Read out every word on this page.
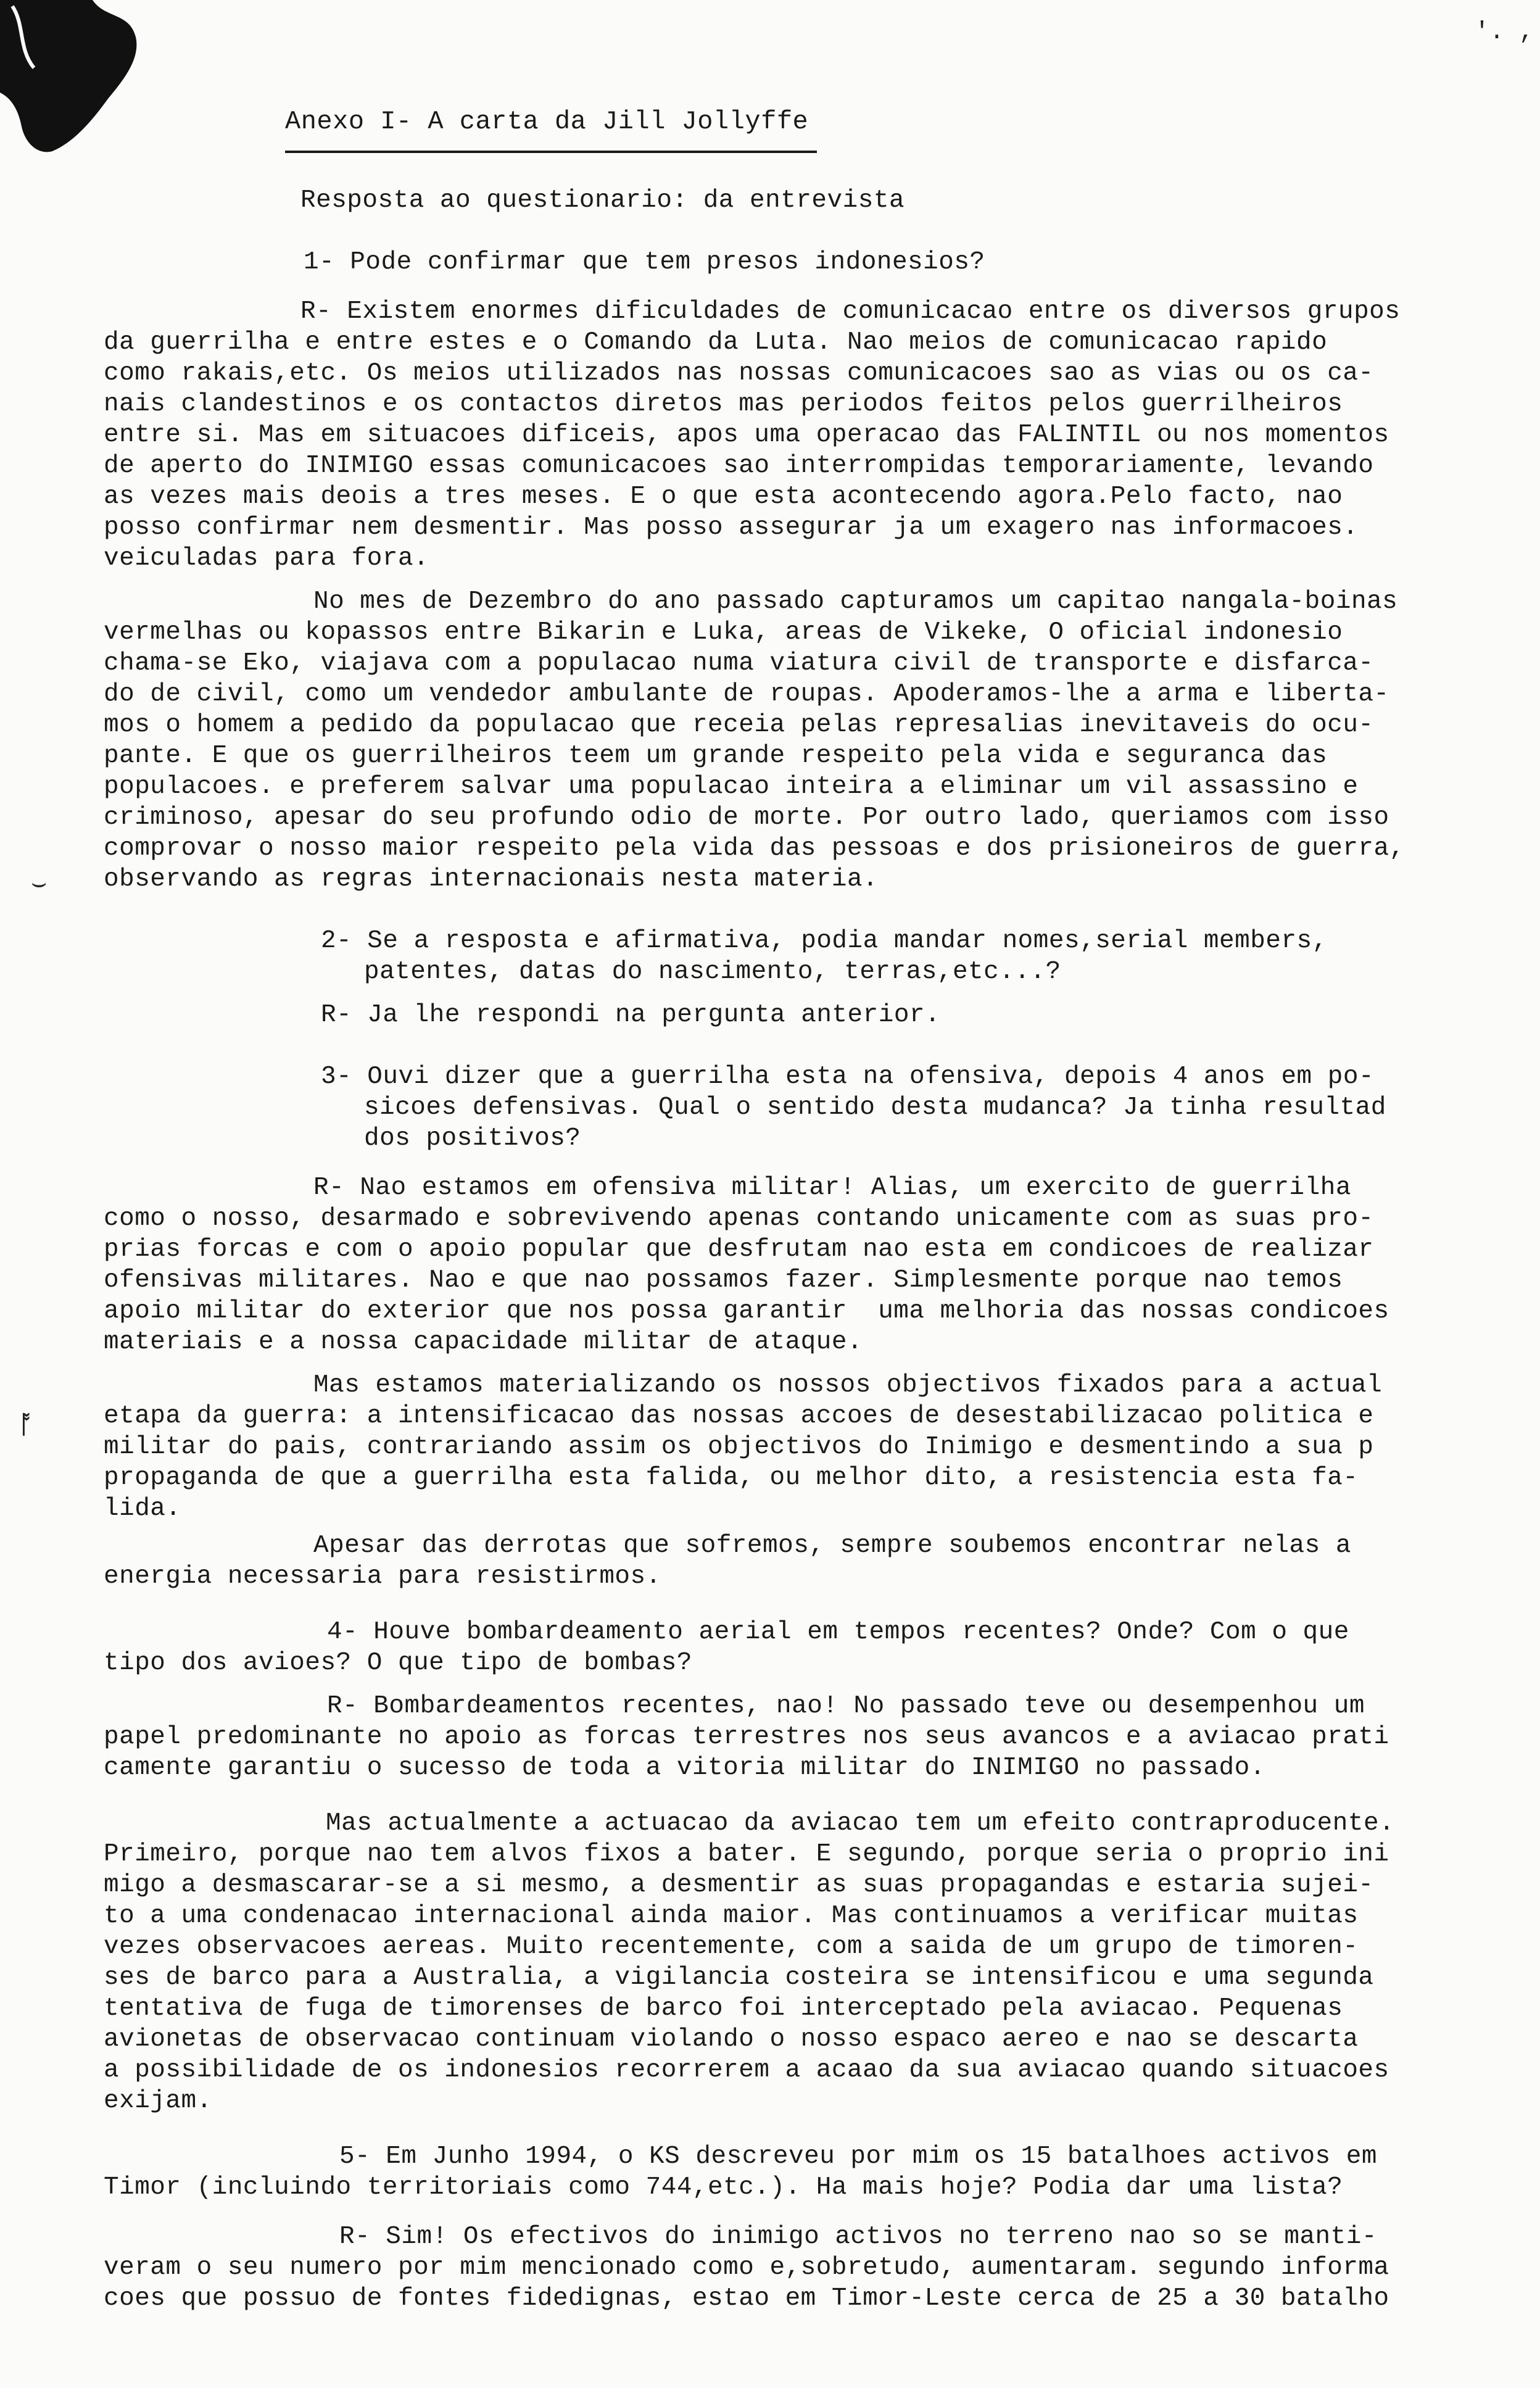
'. ,
⌣
ᚩ
Anexo I- A carta da Jill Jollyffe
Resposta ao questionario: da entrevista
1- Pode confirmar que tem presos indonesios?
R- Existem enormes dificuldades de comunicacao entre os diversos grupos
da guerrilha e entre estes e o Comando da Luta. Nao meios de comunicacao rapido
como rakais,etc. Os meios utilizados nas nossas comunicacoes sao as vias ou os ca-
nais clandestinos e os contactos diretos mas periodos feitos pelos guerrilheiros
entre si. Mas em situacoes dificeis, apos uma operacao das FALINTIL ou nos momentos
de aperto do INIMIGO essas comunicacoes sao interrompidas temporariamente, levando
as vezes mais deois a tres meses. E o que esta acontecendo agora.Pelo facto, nao
posso confirmar nem desmentir. Mas posso assegurar ja um exagero nas informacoes.
veiculadas para fora.
No mes de Dezembro do ano passado capturamos um capitao nangala-boinas
vermelhas ou kopassos entre Bikarin e Luka, areas de Vikeke, O oficial indonesio
chama-se Eko, viajava com a populacao numa viatura civil de transporte e disfarca-
do de civil, como um vendedor ambulante de roupas. Apoderamos-lhe a arma e liberta-
mos o homem a pedido da populacao que receia pelas represalias inevitaveis do ocu-
pante. E que os guerrilheiros teem um grande respeito pela vida e seguranca das
populacoes. e preferem salvar uma populacao inteira a eliminar um vil assassino e
criminoso, apesar do seu profundo odio de morte. Por outro lado, queriamos com isso
comprovar o nosso maior respeito pela vida das pessoas e dos prisioneiros de guerra,
observando as regras internacionais nesta materia.
2- Se a resposta e afirmativa, podia mandar nomes,serial members,
patentes, datas do nascimento, terras,etc...?
R- Ja lhe respondi na pergunta anterior.
3- Ouvi dizer que a guerrilha esta na ofensiva, depois 4 anos em po-
sicoes defensivas. Qual o sentido desta mudanca? Ja tinha resultad
dos positivos?
R- Nao estamos em ofensiva militar! Alias, um exercito de guerrilha
como o nosso, desarmado e sobrevivendo apenas contando unicamente com as suas pro-
prias forcas e com o apoio popular que desfrutam nao esta em condicoes de realizar
ofensivas militares. Nao e que nao possamos fazer. Simplesmente porque nao temos
apoio militar do exterior que nos possa garantir  uma melhoria das nossas condicoes
materiais e a nossa capacidade militar de ataque.
Mas estamos materializando os nossos objectivos fixados para a actual
etapa da guerra: a intensificacao das nossas accoes de desestabilizacao politica e
militar do pais, contrariando assim os objectivos do Inimigo e desmentindo a sua p
propaganda de que a guerrilha esta falida, ou melhor dito, a resistencia esta fa-
lida.
Apesar das derrotas que sofremos, sempre soubemos encontrar nelas a
energia necessaria para resistirmos.
4- Houve bombardeamento aerial em tempos recentes? Onde? Com o que
tipo dos avioes? O que tipo de bombas?
R- Bombardeamentos recentes, nao! No passado teve ou desempenhou um
papel predominante no apoio as forcas terrestres nos seus avancos e a aviacao prati
camente garantiu o sucesso de toda a vitoria militar do INIMIGO no passado.
Mas actualmente a actuacao da aviacao tem um efeito contraproducente.
Primeiro, porque nao tem alvos fixos a bater. E segundo, porque seria o proprio ini
migo a desmascarar-se a si mesmo, a desmentir as suas propagandas e estaria sujei-
to a uma condenacao internacional ainda maior. Mas continuamos a verificar muitas
vezes observacoes aereas. Muito recentemente, com a saida de um grupo de timoren-
ses de barco para a Australia, a vigilancia costeira se intensificou e uma segunda
tentativa de fuga de timorenses de barco foi interceptado pela aviacao. Pequenas
avionetas de observacao continuam violando o nosso espaco aereo e nao se descarta
a possibilidade de os indonesios recorrerem a acaao da sua aviacao quando situacoes
exijam.
5- Em Junho 1994, o KS descreveu por mim os 15 batalhoes activos em
Timor (incluindo territoriais como 744,etc.). Ha mais hoje? Podia dar uma lista?
R- Sim! Os efectivos do inimigo activos no terreno nao so se manti-
veram o seu numero por mim mencionado como e,sobretudo, aumentaram. segundo informa
coes que possuo de fontes fidedignas, estao em Timor-Leste cerca de 25 a 30 batalho
